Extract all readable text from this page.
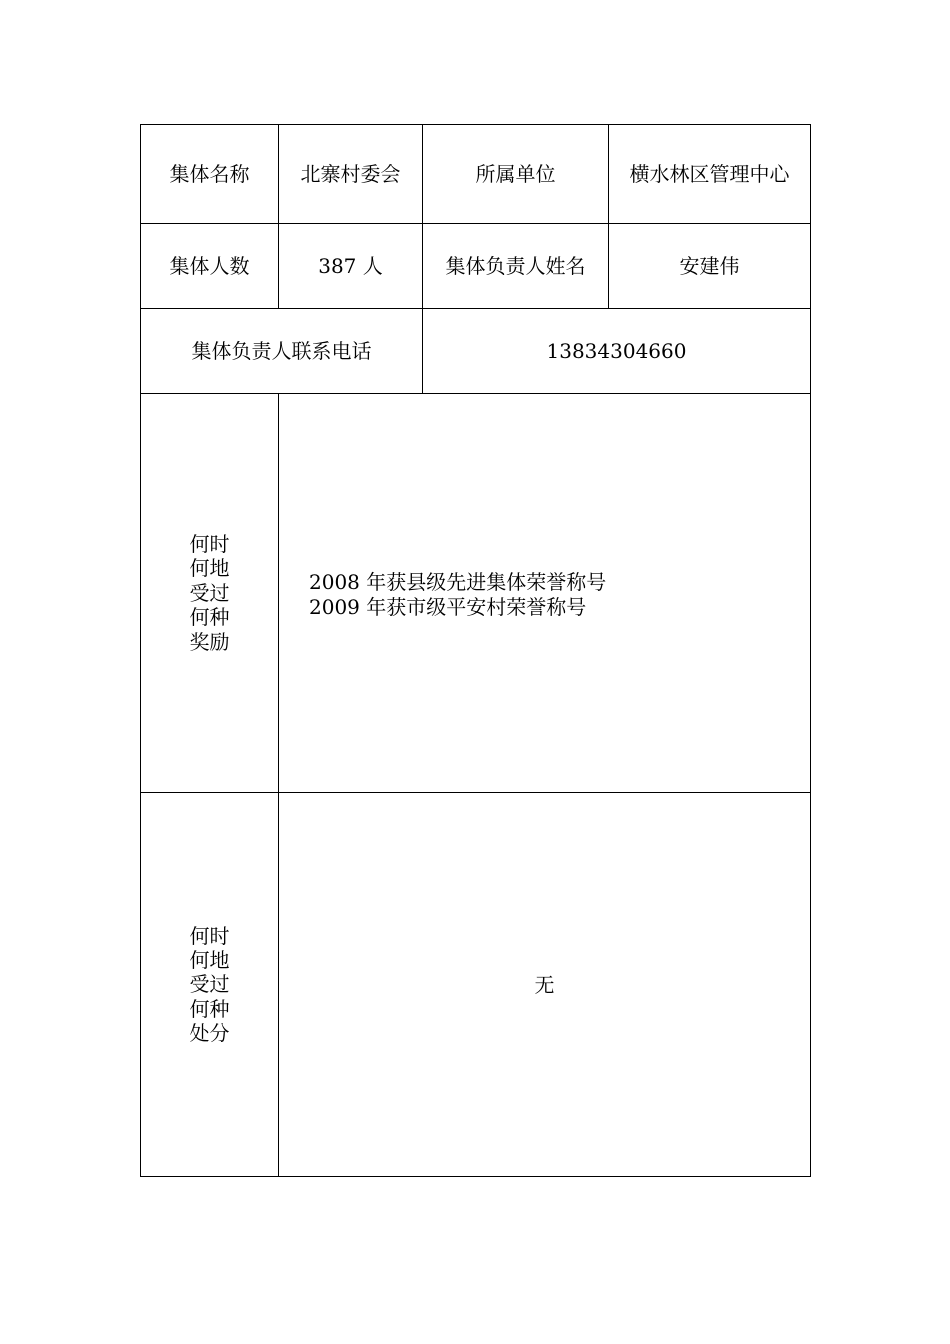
集体名称	北寨村委会	所属单位	横水林区管理中心
集体人数	387 人	集体负责人姓名	安建伟
集体负责人联系电话		13834304660	
何时何地受过何种奖励	2008 年获县级先进集体荣誉称号
2009 年获市级平安村荣誉称号		

何时何地受过何种处分	无		
